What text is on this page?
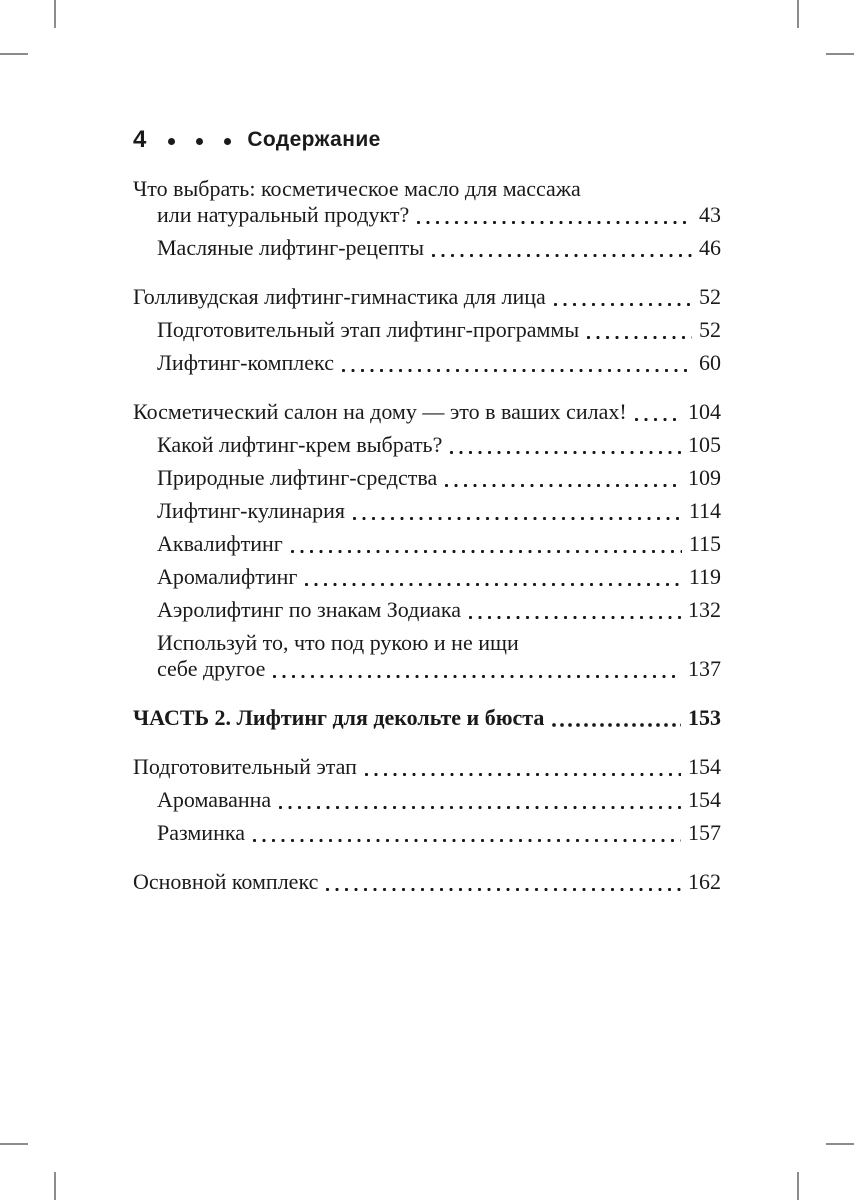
4	Содержание
Что выбрать: косметическое масло для массажа
или натуральный продукт?	43
Масляные лифтинг-рецепты	46
Голливудская лифтинг-гимнастика для лица	52
Подготовительный этап лифтинг-программы	52
Лифтинг-комплекс	60
Косметический салон на дому — это в ваших силах!	104
Какой лифтинг-крем выбрать?	105
Природные лифтинг-средства	109
Лифтинг-кулинария	114
Аквалифтинг	115
Аромалифтинг	119
Аэролифтинг по знакам Зодиака	132
Используй то, что под рукою и не ищи
себе другое	137
ЧАСТЬ 2. Лифтинг для декольте и бюста	153
Подготовительный этап	154
Аромаванна	154
Разминка	157
Основной комплекс	162
